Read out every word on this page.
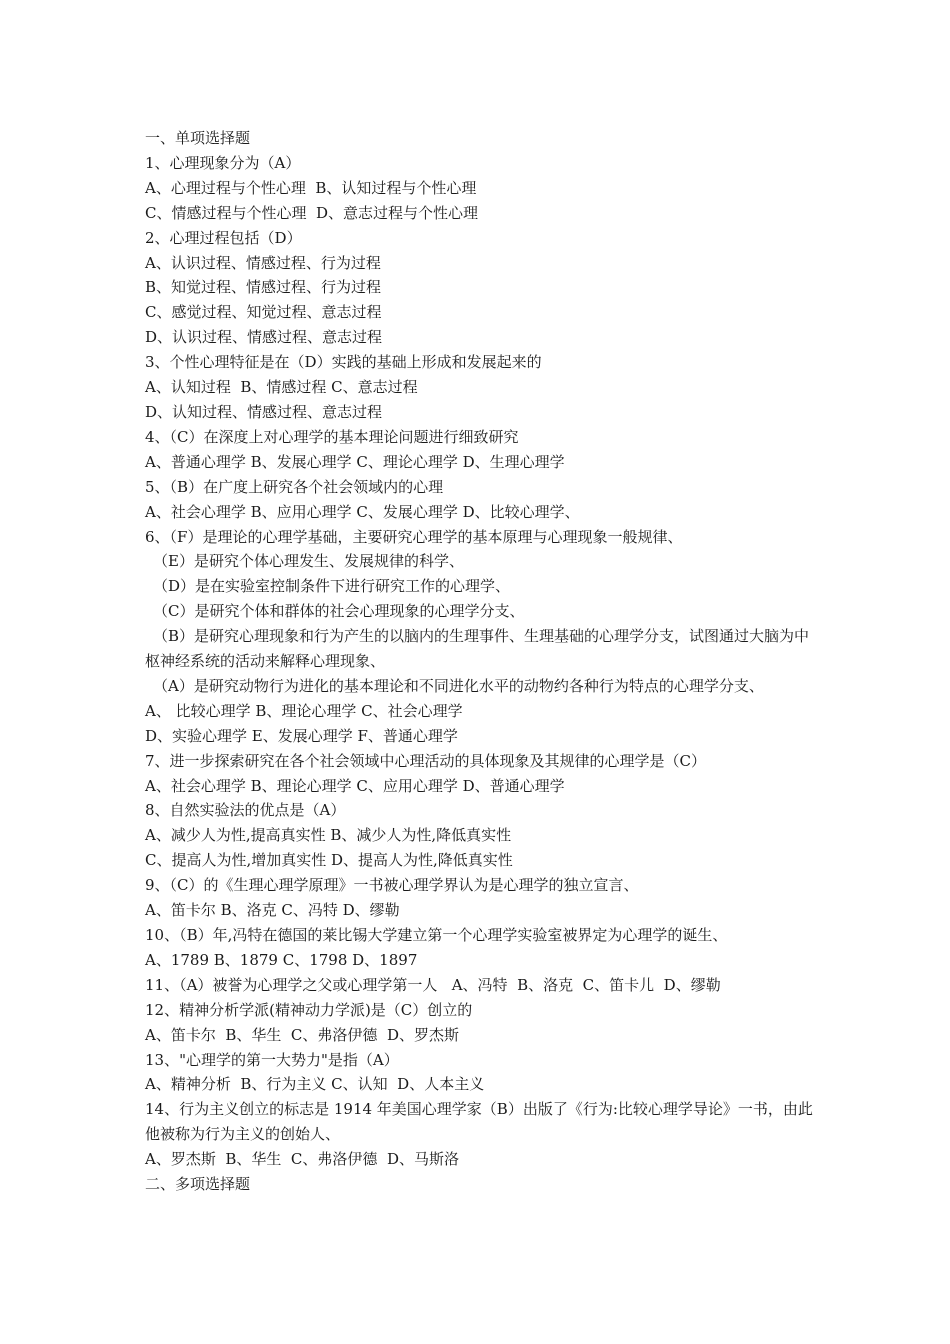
一、单项选择题
1、心理现象分为（A）
A、心理过程与个性心理  B、认知过程与个性心理
C、情感过程与个性心理  D、意志过程与个性心理
2、心理过程包括（D）
A、认识过程、情感过程、行为过程
B、知觉过程、情感过程、行为过程
C、感觉过程、知觉过程、意志过程
D、认识过程、情感过程、意志过程
3、个性心理特征是在（D）实践的基础上形成和发展起来的
A、认知过程  B、情感过程 C、意志过程
D、认知过程、情感过程、意志过程
4、（C）在深度上对心理学的基本理论问题进行细致研究
A、普通心理学 B、发展心理学 C、理论心理学 D、生理心理学
5、（B）在广度上研究各个社会领域内的心理
A、社会心理学 B、应用心理学 C、发展心理学 D、比较心理学、
6、（F）是理论的心理学基础，主要研究心理学的基本原理与心理现象一般规律、
（E）是研究个体心理发生、发展规律的科学、
（D）是在实验室控制条件下进行研究工作的心理学、
（C）是研究个体和群体的社会心理现象的心理学分支、
（B）是研究心理现象和行为产生的以脑内的生理事件、生理基础的心理学分支，试图通过大脑为中枢神经系统的活动来解释心理现象、
（A）是研究动物行为进化的基本理论和不同进化水平的动物约各种行为特点的心理学分支、
A、 比较心理学 B、理论心理学 C、社会心理学
D、实验心理学 E、发展心理学 F、普通心理学
7、进一步探索研究在各个社会领域中心理活动的具体现象及其规律的心理学是（C）
A、社会心理学 B、理论心理学 C、应用心理学 D、普通心理学
8、自然实验法的优点是（A）
A、减少人为性,提高真实性 B、减少人为性,降低真实性
C、提高人为性,增加真实性 D、提高人为性,降低真实性
9、（C）的《生理心理学原理》一书被心理学界认为是心理学的独立宣言、
A、笛卡尔 B、洛克 C、冯特 D、缪勒
10、（B）年,冯特在德国的莱比锡大学建立第一个心理学实验室被界定为心理学的诞生、
A、1789 B、1879 C、1798 D、1897
11、（A）被誉为心理学之父或心理学第一人   A、冯特  B、洛克  C、笛卡儿  D、缪勒
12、精神分析学派(精神动力学派)是（C）创立的
A、笛卡尔  B、华生  C、弗洛伊德  D、罗杰斯
13、"心理学的第一大势力"是指（A）
A、精神分析  B、行为主义 C、认知  D、人本主义
14、行为主义创立的标志是 1914 年美国心理学家（B）出版了《行为:比较心理学导论》一书，由此他被称为行为主义的创始人、
A、罗杰斯  B、华生  C、弗洛伊德  D、马斯洛
二、多项选择题
